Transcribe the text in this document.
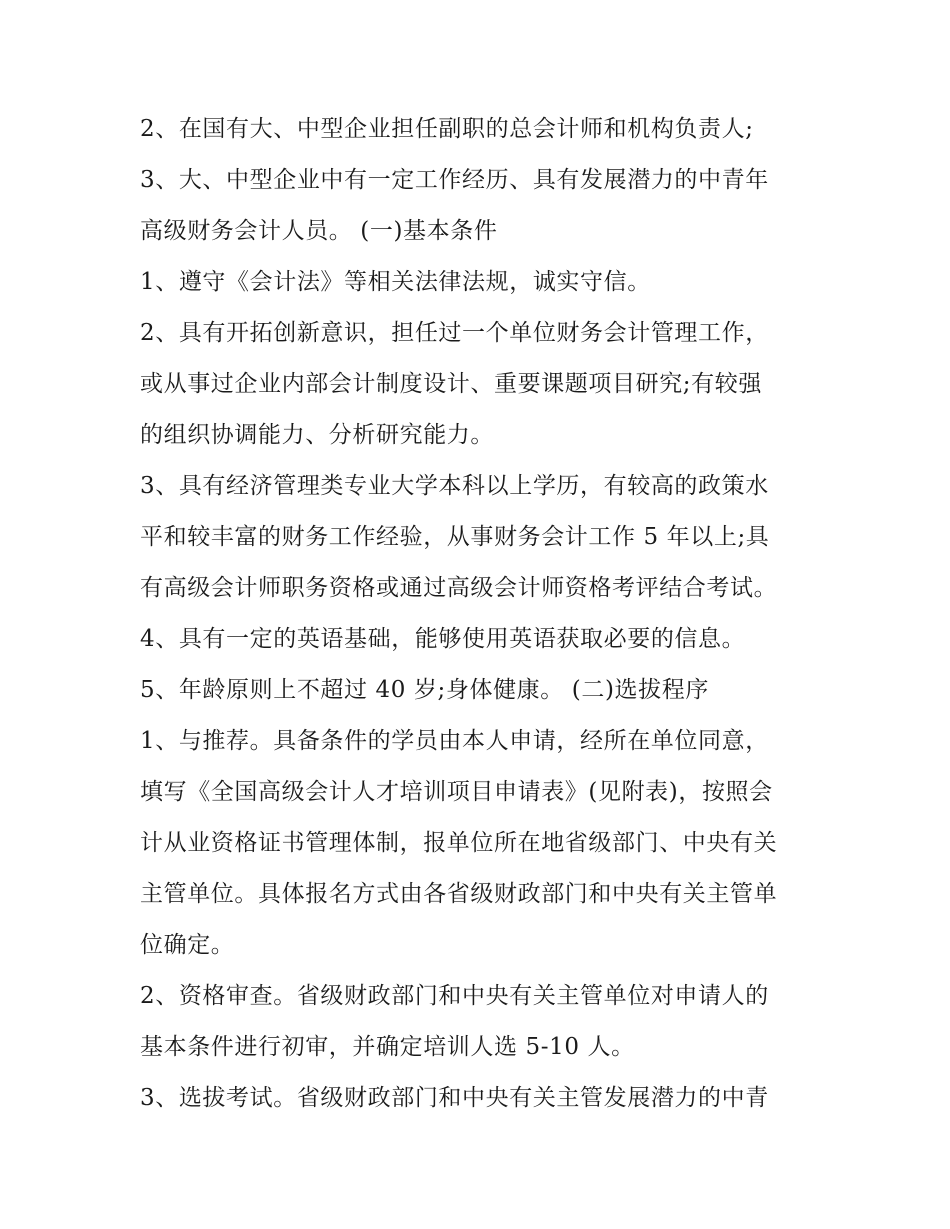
2、在国有大、中型企业担任副职的总会计师和机构负责人;
3、大、中型企业中有一定工作经历、具有发展潜力的中青年
高级财务会计人员。 (一)基本条件
1、遵守《会计法》等相关法律法规，诚实守信。
2、具有开拓创新意识，担任过一个单位财务会计管理工作，
或从事过企业内部会计制度设计、重要课题项目研究;有较强
的组织协调能力、分析研究能力。
3、具有经济管理类专业大学本科以上学历，有较高的政策水
平和较丰富的财务工作经验，从事财务会计工作 5 年以上;具
有高级会计师职务资格或通过高级会计师资格考评结合考试。
4、具有一定的英语基础，能够使用英语获取必要的信息。
5、年龄原则上不超过 40 岁;身体健康。 (二)选拔程序
1、与推荐。具备条件的学员由本人申请，经所在单位同意，
填写《全国高级会计人才培训项目申请表》(见附表)，按照会
计从业资格证书管理体制，报单位所在地省级部门、中央有关
主管单位。具体报名方式由各省级财政部门和中央有关主管单
位确定。
2、资格审查。省级财政部门和中央有关主管单位对申请人的
基本条件进行初审，并确定培训人选 5-10 人。
3、选拔考试。省级财政部门和中央有关主管发展潜力的中青
